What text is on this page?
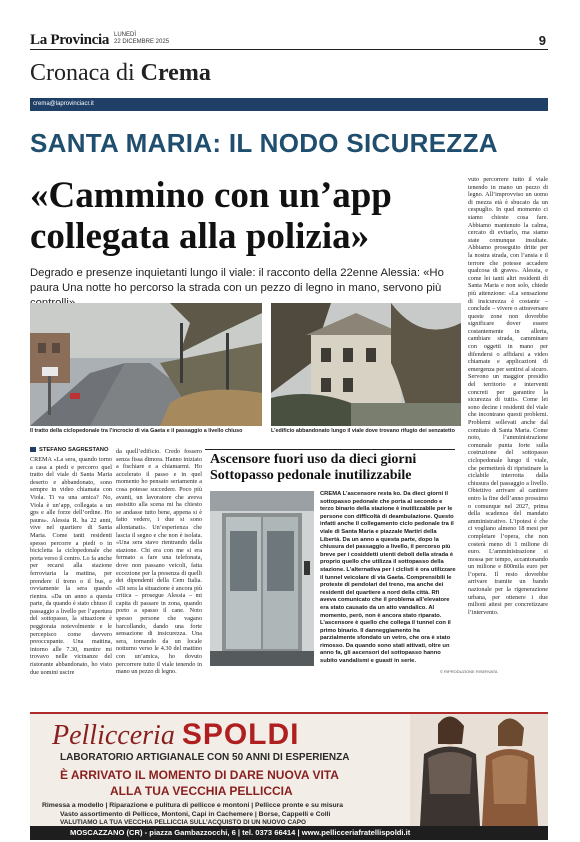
La Provincia LUNEDÌ
22 DICEMBRE 2025	9
Cronaca di Crema
crema@laprovinciacr.it
SANTA MARIA: IL NODO SICUREZZA
«Cammino con un’app collegata alla polizia»
Degrado e presenze inquietanti lungo il viale: il racconto della 22enne Alessia: «Ho paura Una notte ho percorso la strada con un pezzo di legno in mano, servono più
Il tratto della ciclopedonale tra l’incrocio di via Gaeta e il passaggio a livello chiuso	L’edificio abbandonato lungo il viale dove trovano rifugio dei senzatetto
vuto percorrere tutto il viale tenendo in mano un pezzo di legno. All’improvviso un uomo di mezza età è sbucato da un cespuglio. In quel momento ci siamo chieste cosa fare. Abbiamo mantenuto la calma, cercato di evitarlo, ma siamo state comunque insultate. Abbiamo proseguito dritte per la nostra strada, con l’ansia e il terrore che potesse accadere qualcosa di grave». Alessia, e come lei tanti altri residenti di Santa Maria e non solo, chiede più attenzione: «La sensazione di insicurezza è costante – conclude – vivere o attraversare queste zone non dovrebbe significare dover essere costantemente in allerta, cambiare strada, camminare con oggetti in mano per difendersi o affidarsi a video chiamate e applicazioni di emergenza per sentirsi al sicuro. Servono un maggior presidio del territorio e interventi concreti per garantire la sicurezza di tutti». Come lei sono decine i residenti del viale che incontrano questi problemi. Problemi sollevati anche dal comitato di Santa Maria. Come noto, l’amministrazione comunale punta forte sulla costruzione del sottopasso ciclopedonale lungo il viale, che permetterà di ripristinare la ciclabile interrotta dalla chiusura del passaggio a livello. Obiettivo arrivare al cantiere entro la fine dell’anno prossimo o comunque nel 2027, prima della scadenza del mandato amministrativo. L’ipotesi è che ci vogliano almeno 18 mesi per completare l’opera, che non costerà meno di 1 milione di euro. L’amministrazione si mossa per tempo, accantonando un milione e 800mila euro per l’opera. Il resto dovrebbe arrivare tramite un bando nazionale per la rigenerazione urbana, per ottenere i due milioni attesi per concretizzare l’intervento.
STEFANO SAGRESTANO
CREMA «La sera, quando torno a casa a piedi e percorro quel tratto del viale di Santa Maria deserto e abbandonato, sono sempre in video chiamata con Viola. Ti va una amica? No, Viola è un’app, collegata a un gps e alle forze dell’ordine. Ho paura». Alessia R. ha 22 anni, vive nel quartiere di Santa Maria. Come tanti residenti spesso percorre a piedi o in bicicletta la ciclopedonale che porta verso il centro. Lo fa anche per recarsi alla stazione ferroviaria la mattina, per prendere il treno o il bus, e ovviamente la sera quando rientra. «Da un anno a questa parte, da quando è stato chiuso il passaggio a livello per l’apertura del sottopasso, la situazione è peggiorata notevolmente e le percepisco come davvero preoccupante. Una mattina, intorno alle 7.30, mentre mi trovavo nelle vicinanze del ristorante abbandonato, ho visto due uomini uscire
da quell’edificio. Credo fossero senza fissa dimora. Hanno iniziato a fischiare e a chiamarmi. Ho accelerato il passo e in quel momento ho pensato seriamente a cosa potesse succedere. Poco più avanti, un lavoratore che aveva assistito alla scena mi ha chiesto se andasse tutto bene, appena si è fatto vedere, i due si sono allontanati». Un’esperienza che lascia il segno e che non è isolata. «Una sera stavo rientrando dalla stazione. Chi era con me si era fermato a fare una telefonata, dove non passano veicoli, fatta eccezione per la presenza di quelli dei dipendenti della Cem Italia. «Di sera la situazione è ancora più critica – prosegue Alessia – mi capita di passare in zona, quando porto a spasso il cane. Noto spesso persone che vagano barcollando, dando una forte sensazione di insicurezza. Una sera, tornando da un locale notturno verso le 4.30 del mattino con un’amica, ho dovuto percorrere tutto il viale tenendo in mano un pezzo di legno.
Ascensore fuori uso da dieci giorni Sottopasso pedonale inutilizzabile
CREMA L’ascensore resta ko. Da dieci giorni il sottopasso pedonale che porta al secondo e terzo binario della stazione è inutilizzabile per le persone con difficoltà di deambulazione. Questo infatti anche il collegamento ciclo pedonale tra il viale di Santa Maria e piazzale Martiri della Libertà. Da un anno a questa parte, dopo la chiusura del passaggio a livello, il percorso più breve per i cosiddetti utenti deboli della strada è proprio quello che utilizza il sottopasso della stazione. L’alternativa per i ciclisti è ora utilizzare il tunnel veicolare di via Gaeta. Comprensibili le proteste di pendolari del treno, ma anche dei residenti del quartiere a nord della città. Rfi aveva comunicato che il problema all’elevatore era stato causato da un atto vandalico. Al momento, però, non è ancora stato riparato. L’ascensore è quello che collega il tunnel con il primo binario. Il danneggiamento ha parzialmente sfondato un vetro, che ora è stato rimosso. Da quando sono stati attivati, oltre un anno fa, gli ascensori del sottopasso hanno subito vandalismi e guasti in serie.
© RIPRODUZIONE RISERVATA
Pellicceria SPOLDI
LABORATORIO ARTIGIANALE CON 50 ANNI DI ESPERIENZA
È ARRIVATO IL MOMENTO DI DARE NUOVA VITA
ALLA TUA VECCHIA PELLICCIA
Rimessa a modello | Riparazione e pulitura di pellicce e montoni | Pellicce pronte e su misura
Vasto assortimento di Pellicce, Montoni, Capi in Cachemere | Borse, Cappelli e Colli
VALUTIAMO LA TUA VECCHIA PELLICCIA SULL’ACQUISTO DI UN NUOVO CAPO
MOSCAZZANO (CR) - piazza Gambazzocchi, 6 | tel. 0373 66414 | www.pellicceriafratellispoldi.it
